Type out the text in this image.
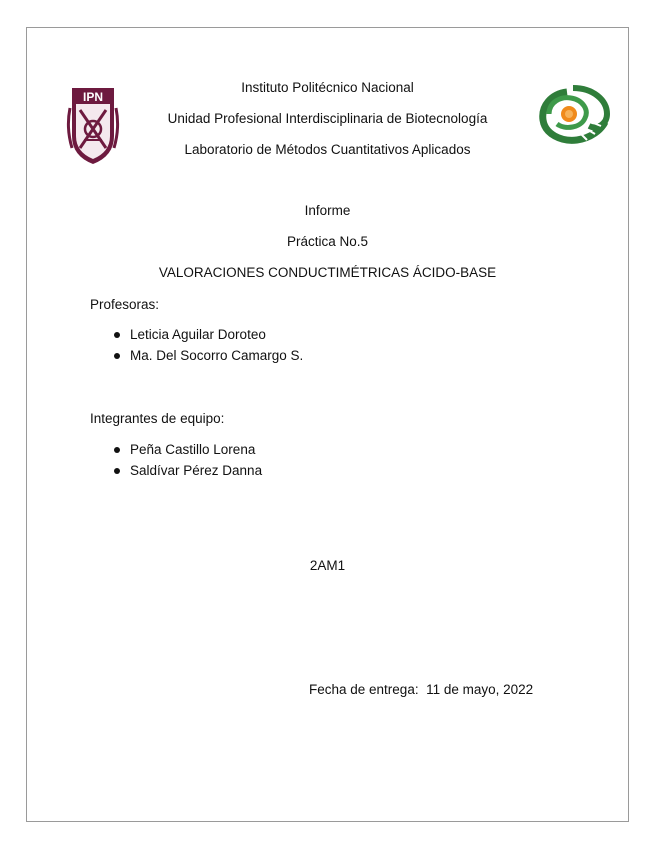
IPN
Instituto Politécnico Nacional
Unidad Profesional Interdisciplinaria de Biotecnología
Laboratorio de Métodos Cuantitativos Aplicados
Informe
Práctica No.5
VALORACIONES CONDUCTIMÉTRICAS ÁCIDO-BASE
Profesoras:
Leticia Aguilar Doroteo
Ma. Del Socorro Camargo S.
Integrantes de equipo:
Peña Castillo Lorena
Saldívar Pérez Danna
2AM1
Fecha de entrega: 11 de mayo, 2022
